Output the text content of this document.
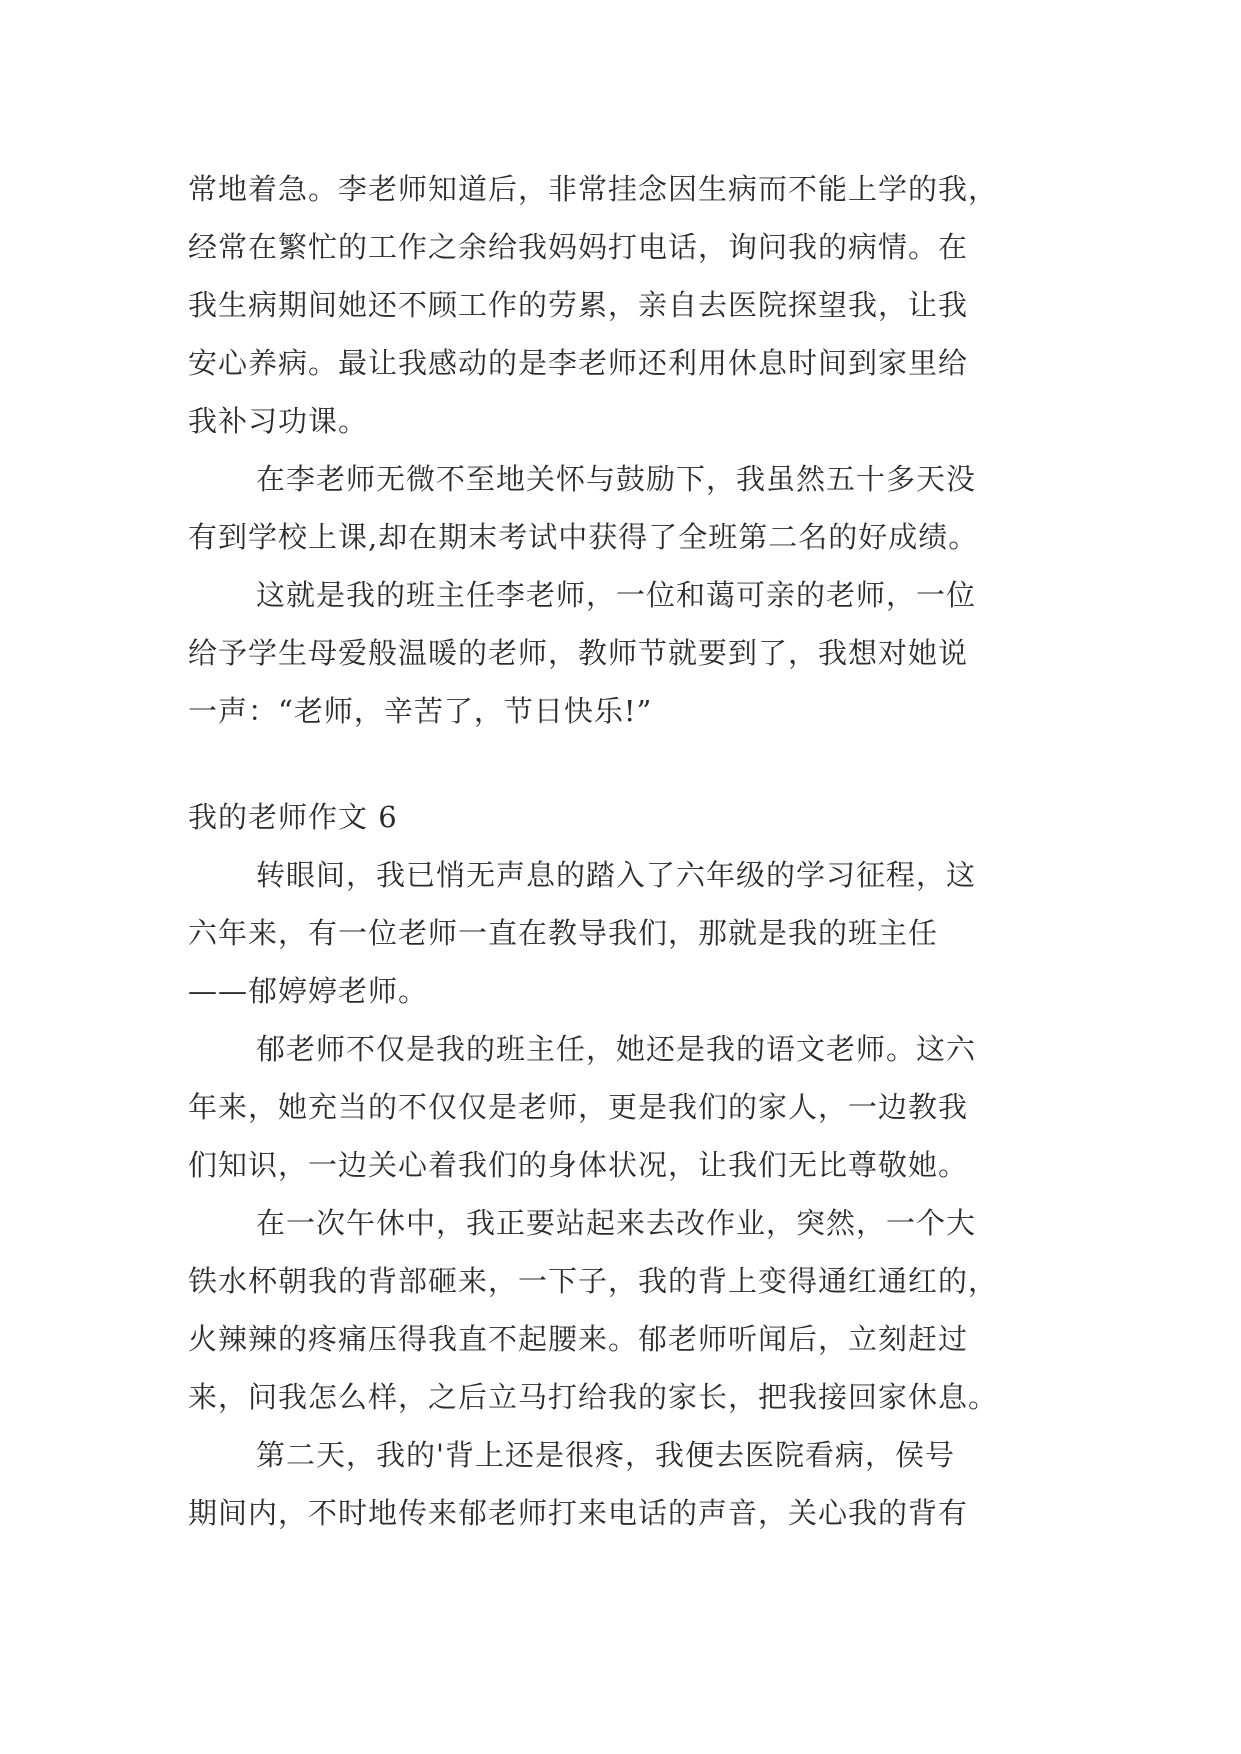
常地着急。李老师知道后，非常挂念因生病而不能上学的我，
经常在繁忙的工作之余给我妈妈打电话，询问我的病情。在
我生病期间她还不顾工作的劳累，亲自去医院探望我，让我
安心养病。最让我感动的是李老师还利用休息时间到家里给
我补习功课。
在李老师无微不至地关怀与鼓励下，我虽然五十多天没
有到学校上课,却在期末考试中获得了全班第二名的好成绩。
这就是我的班主任李老师，一位和蔼可亲的老师，一位
给予学生母爱般温暖的老师，教师节就要到了，我想对她说
一声：“老师，辛苦了，节日快乐!”
我的老师作文 6
转眼间，我已悄无声息的踏入了六年级的学习征程，这
六年来，有一位老师一直在教导我们，那就是我的班主任
——郁婷婷老师。
郁老师不仅是我的班主任，她还是我的语文老师。这六
年来，她充当的不仅仅是老师，更是我们的家人，一边教我
们知识，一边关心着我们的身体状况，让我们无比尊敬她。
在一次午休中，我正要站起来去改作业，突然，一个大
铁水杯朝我的背部砸来，一下子，我的背上变得通红通红的，
火辣辣的疼痛压得我直不起腰来。郁老师听闻后，立刻赶过
来，问我怎么样，之后立马打给我的家长，把我接回家休息。
第二天，我的'背上还是很疼，我便去医院看病，侯号
期间内，不时地传来郁老师打来电话的声音，关心我的背有
